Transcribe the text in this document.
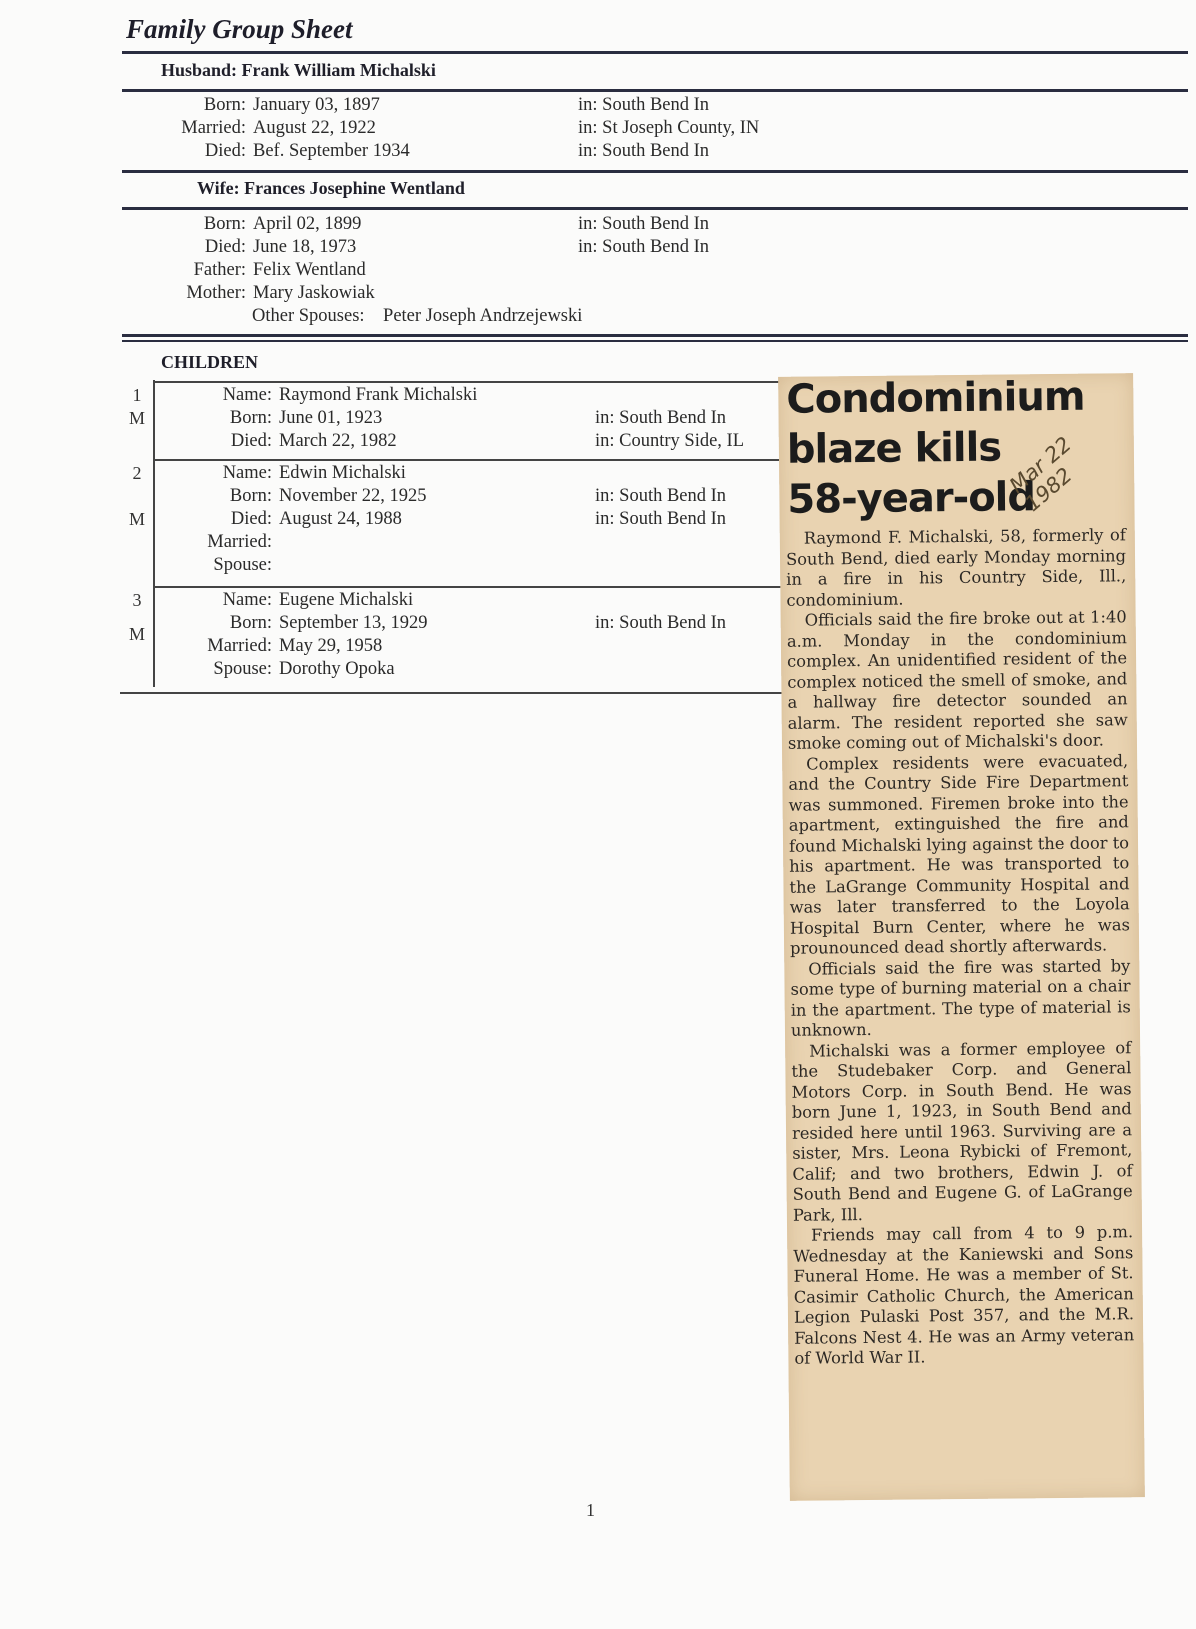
Family Group Sheet
Husband: Frank William Michalski
Born: January 03, 1897	in: South Bend In
Married: August 22, 1922	in: St Joseph County, IN
Died: Bef. September 1934	in: South Bend In
Wife: Frances Josephine Wentland
Born: April 02, 1899	in: South Bend In
Died: June 18, 1973	in: South Bend In
Father: Felix Wentland
Mother: Mary Jaskowiak
Other Spouses: Peter Joseph Andrzejewski
CHILDREN
1
M
Name: Raymond Frank Michalski
Born: June 01, 1923	in: South Bend In
Died: March 22, 1982	in: Country Side, IL
2
M
Name: Edwin Michalski
Born: November 22, 1925	in: South Bend In
Died: August 24, 1988	in: South Bend In
Married:
Spouse:
3
M
Name: Eugene Michalski
Born: September 13, 1929	in: South Bend In
Married: May 29, 1958
Spouse: Dorothy Opoka
Condominium
blaze kills
58-year-old
Mar 22 1982

Raymond F. Michalski, 58, formerly of South Bend, died early Monday morning in a fire in his Country Side, Ill., condominium.

Officials said the fire broke out at 1:40 a.m. Monday in the condominium complex. An unidentified resident of the complex noticed the smell of smoke, and a hallway fire detector sounded an alarm. The resident reported she saw smoke coming out of Michalski's door.

Complex residents were evacuated, and the Country Side Fire Department was summoned. Firemen broke into the apartment, extinguished the fire and found Michalski lying against the door to his apartment. He was transported to the LaGrange Community Hospital and was later transferred to the Loyola Hospital Burn Center, where he was prounounced dead shortly afterwards.

Officials said the fire was started by some type of burning material on a chair in the apartment. The type of material is unknown.

Michalski was a former employee of the Studebaker Corp. and General Motors Corp. in South Bend. He was born June 1, 1923, in South Bend and resided here until 1963. Surviving are a sister, Mrs. Leona Rybicki of Fremont, Calif; and two brothers, Edwin J. of South Bend and Eugene G. of LaGrange Park, Ill.

Friends may call from 4 to 9 p.m. Wednesday at the Kaniewski and Sons Funeral Home. He was a member of St. Casimir Catholic Church, the American Legion Pulaski Post 357, and the M.R. Falcons Nest 4. He was an Army veteran of World War II.

1
